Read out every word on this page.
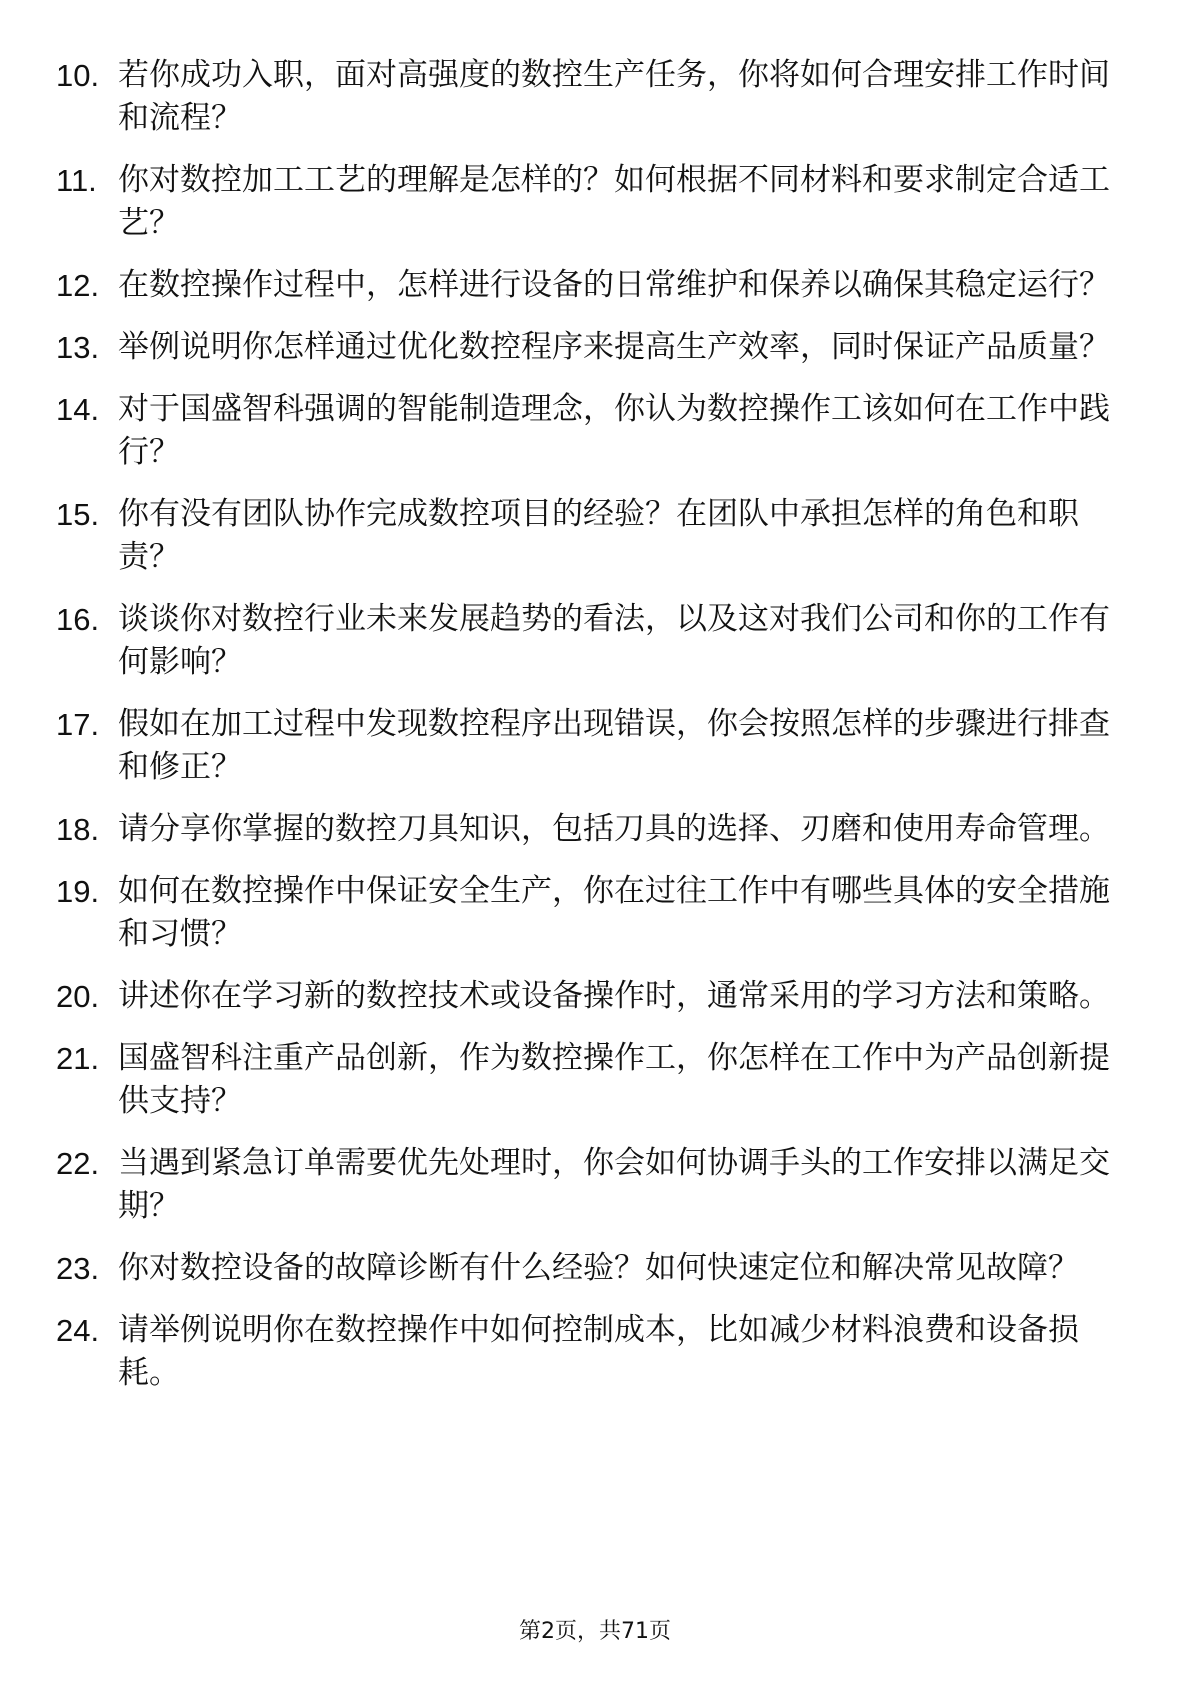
10. 若你成功入职，面对高强度的数控生产任务，你将如何合理安排工作时间和流程？
11. 你对数控加工工艺的理解是怎样的？如何根据不同材料和要求制定合适工艺？
12. 在数控操作过程中，怎样进行设备的日常维护和保养以确保其稳定运行？
13. 举例说明你怎样通过优化数控程序来提高生产效率，同时保证产品质量？
14. 对于国盛智科强调的智能制造理念，你认为数控操作工该如何在工作中践行？
15. 你有没有团队协作完成数控项目的经验？在团队中承担怎样的角色和职责？
16. 谈谈你对数控行业未来发展趋势的看法，以及这对我们公司和你的工作有何影响？
17. 假如在加工过程中发现数控程序出现错误，你会按照怎样的步骤进行排查和修正？
18. 请分享你掌握的数控刀具知识，包括刀具的选择、刃磨和使用寿命管理。
19. 如何在数控操作中保证安全生产，你在过往工作中有哪些具体的安全措施和习惯？
20. 讲述你在学习新的数控技术或设备操作时，通常采用的学习方法和策略。
21. 国盛智科注重产品创新，作为数控操作工，你怎样在工作中为产品创新提供支持？
22. 当遇到紧急订单需要优先处理时，你会如何协调手头的工作安排以满足交期？
23. 你对数控设备的故障诊断有什么经验？如何快速定位和解决常见故障？
24. 请举例说明你在数控操作中如何控制成本，比如减少材料浪费和设备损耗。
第2页，共71页
